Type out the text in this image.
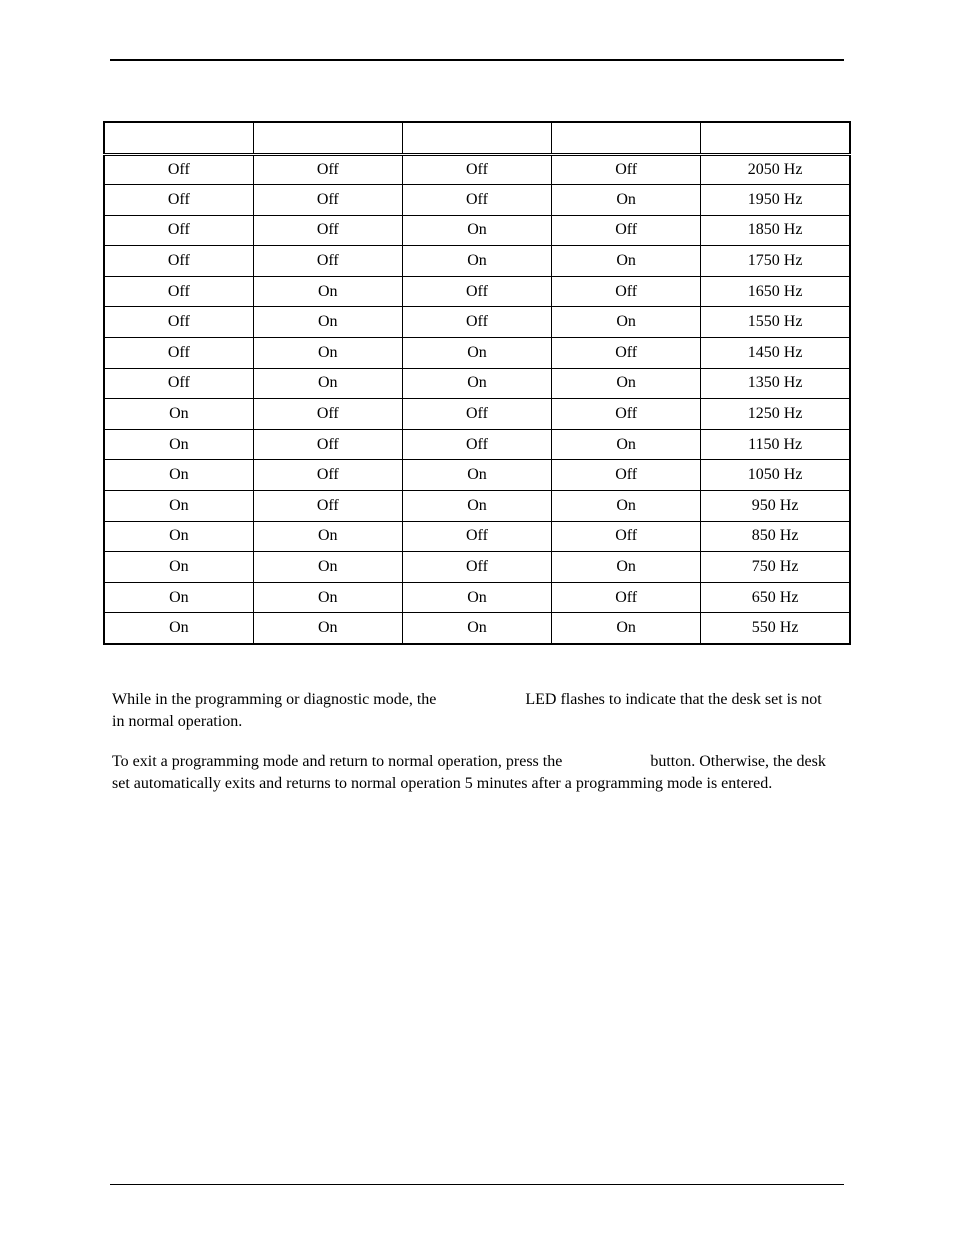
Off	Off	Off	Off	2050 Hz
Off	Off	Off	On	1950 Hz
Off	Off	On	Off	1850 Hz
Off	Off	On	On	1750 Hz
Off	On	Off	Off	1650 Hz
Off	On	Off	On	1550 Hz
Off	On	On	Off	1450 Hz
Off	On	On	On	1350 Hz
On	Off	Off	Off	1250 Hz
On	Off	Off	On	1150 Hz
On	Off	On	Off	1050 Hz
On	Off	On	On	950 Hz
On	On	Off	Off	850 Hz
On	On	Off	On	750 Hz
On	On	On	Off	650 Hz
On	On	On	On	550 Hz

While in the programming or diagnostic mode, the	LED flashes to indicate that the desk set is not in normal operation.

To exit a programming mode and return to normal operation, press the	button. Otherwise, the desk set automatically exits and returns to normal operation 5 minutes after a programming mode is entered.
